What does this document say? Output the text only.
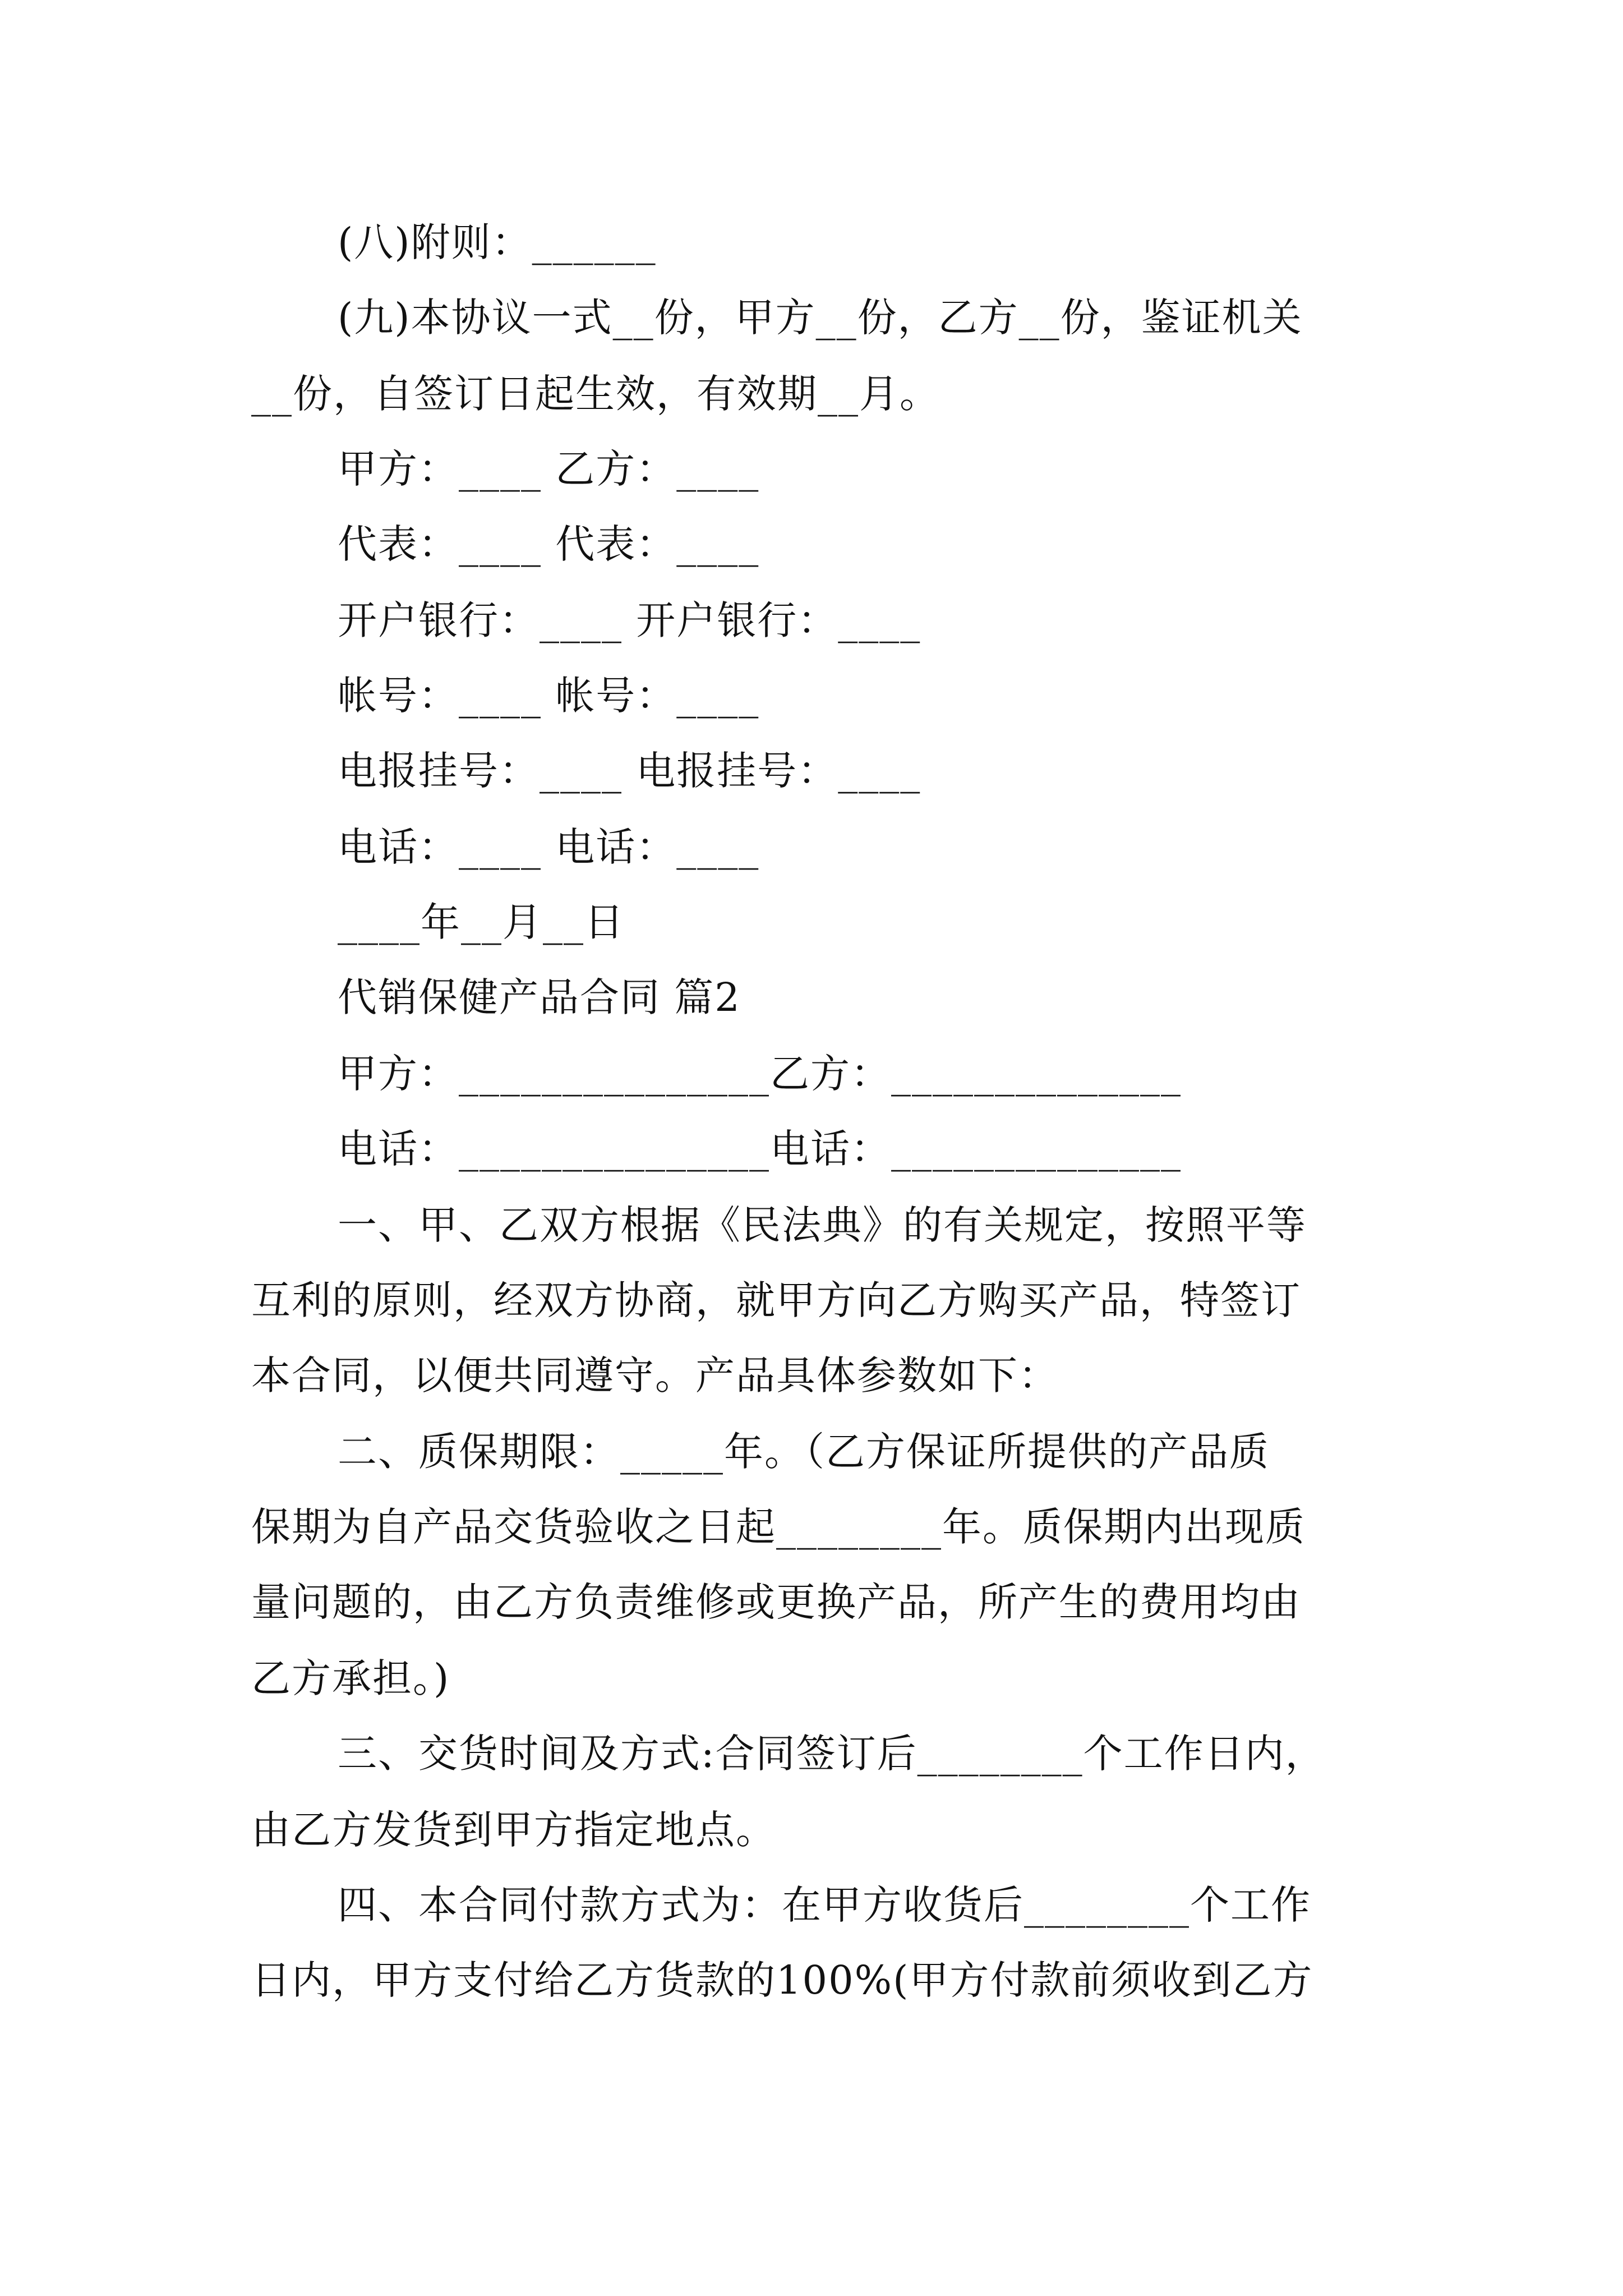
(八)附则：______
(九)本协议一式__份，甲方__份，乙方__份，鉴证机关
__份，自签订日起生效，有效期__月。
甲方：____ 乙方：____
代表：____ 代表：____
开户银行：____ 开户银行：____
帐号：____ 帐号：____
电报挂号：____ 电报挂号：____
电话：____ 电话：____
____年__月__日
代销保健产品合同 篇2
甲方：_______________乙方：______________
电话：_______________电话：______________
一、甲、乙双方根据《民法典》的有关规定，按照平等
互利的原则，经双方协商，就甲方向乙方购买产品，特签订
本合同，以便共同遵守。产品具体参数如下：
二、质保期限：_____年。（乙方保证所提供的产品质
保期为自产品交货验收之日起________年。质保期内出现质
量问题的，由乙方负责维修或更换产品，所产生的费用均由
乙方承担。)
三、交货时间及方式:合同签订后________个工作日内，
由乙方发货到甲方指定地点。
四、本合同付款方式为：在甲方收货后________个工作
日内，甲方支付给乙方货款的100%(甲方付款前须收到乙方
